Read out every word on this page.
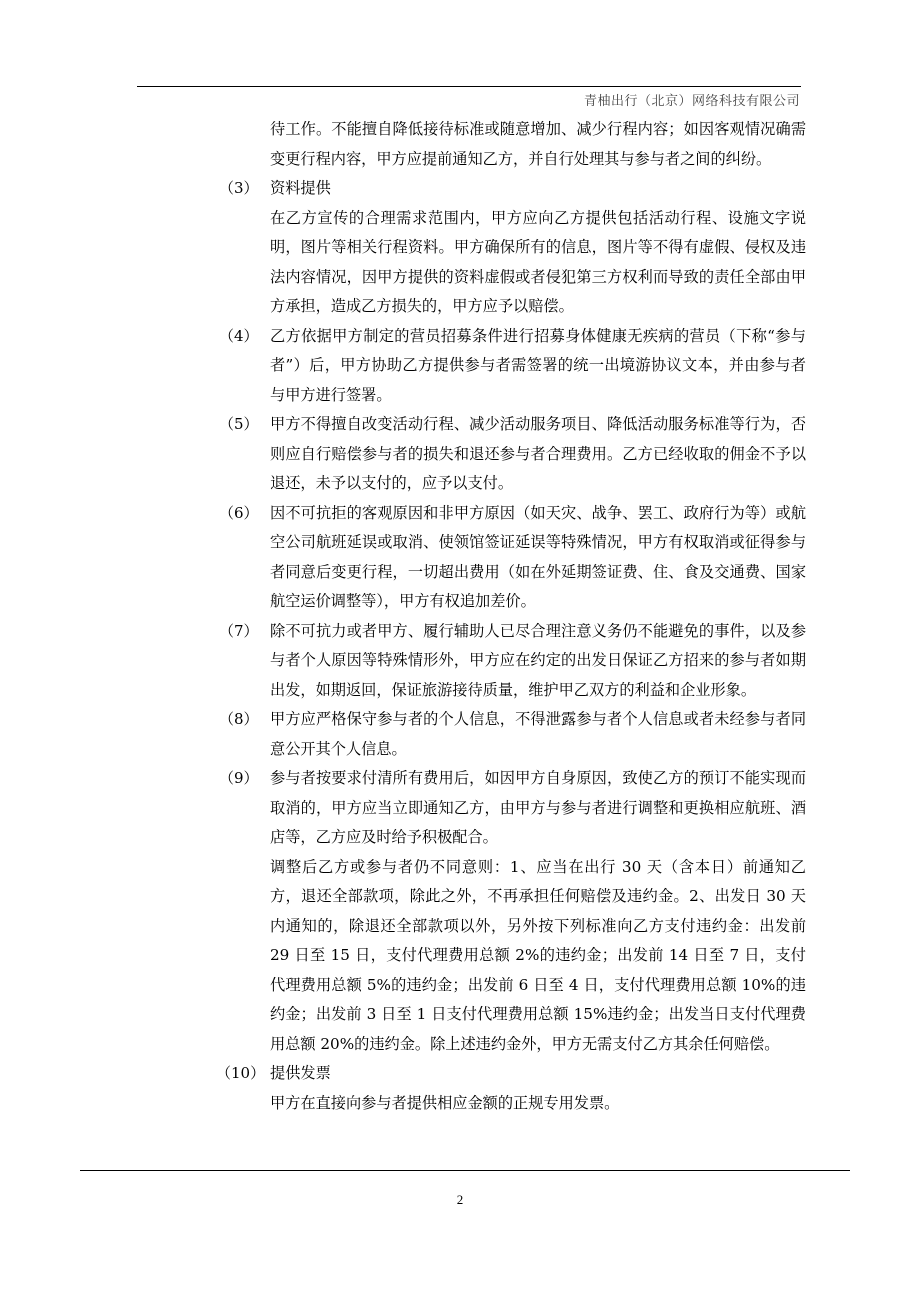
青柚出行（北京）网络科技有限公司

待工作。不能擅自降低接待标准或随意增加、减少行程内容；如因客观情况确需变更行程内容，甲方应提前通知乙方，并自行处理其与参与者之间的纠纷。

（3） 资料提供

在乙方宣传的合理需求范围内，甲方应向乙方提供包括活动行程、设施文字说明，图片等相关行程资料。甲方确保所有的信息，图片等不得有虚假、侵权及违法内容情况，因甲方提供的资料虚假或者侵犯第三方权利而导致的责任全部由甲方承担，造成乙方损失的，甲方应予以赔偿。

（4） 乙方依据甲方制定的营员招募条件进行招募身体健康无疾病的营员（下称“参与者”）后，甲方协助乙方提供参与者需签署的统一出境游协议文本，并由参与者与甲方进行签署。

（5） 甲方不得擅自改变活动行程、减少活动服务项目、降低活动服务标准等行为，否则应自行赔偿参与者的损失和退还参与者合理费用。乙方已经收取的佣金不予以退还，未予以支付的，应予以支付。

（6） 因不可抗拒的客观原因和非甲方原因（如天灾、战争、罢工、政府行为等）或航空公司航班延误或取消、使领馆签证延误等特殊情况，甲方有权取消或征得参与者同意后变更行程，一切超出费用（如在外延期签证费、住、食及交通费、国家航空运价调整等），甲方有权追加差价。

（7） 除不可抗力或者甲方、履行辅助人已尽合理注意义务仍不能避免的事件，以及参与者个人原因等特殊情形外，甲方应在约定的出发日保证乙方招来的参与者如期出发，如期返回，保证旅游接待质量，维护甲乙双方的利益和企业形象。

（8） 甲方应严格保守参与者的个人信息，不得泄露参与者个人信息或者未经参与者同意公开其个人信息。

（9） 参与者按要求付清所有费用后，如因甲方自身原因，致使乙方的预订不能实现而取消的，甲方应当立即通知乙方，由甲方与参与者进行调整和更换相应航班、酒店等，乙方应及时给予积极配合。

调整后乙方或参与者仍不同意则：1、应当在出行 30 天（含本日）前通知乙方，退还全部款项，除此之外，不再承担任何赔偿及违约金。2、出发日 30 天内通知的，除退还全部款项以外，另外按下列标准向乙方支付违约金：出发前 29 日至 15 日，支付代理费用总额 2%的违约金；出发前 14 日至 7 日，支付代理费用总额 5%的违约金；出发前 6 日至 4 日，支付代理费用总额 10%的违约金；出发前 3 日至 1 日支付代理费用总额 15%违约金；出发当日支付代理费用总额 20%的违约金。除上述违约金外，甲方无需支付乙方其余任何赔偿。

（10） 提供发票

甲方在直接向参与者提供相应金额的正规专用发票。

2
